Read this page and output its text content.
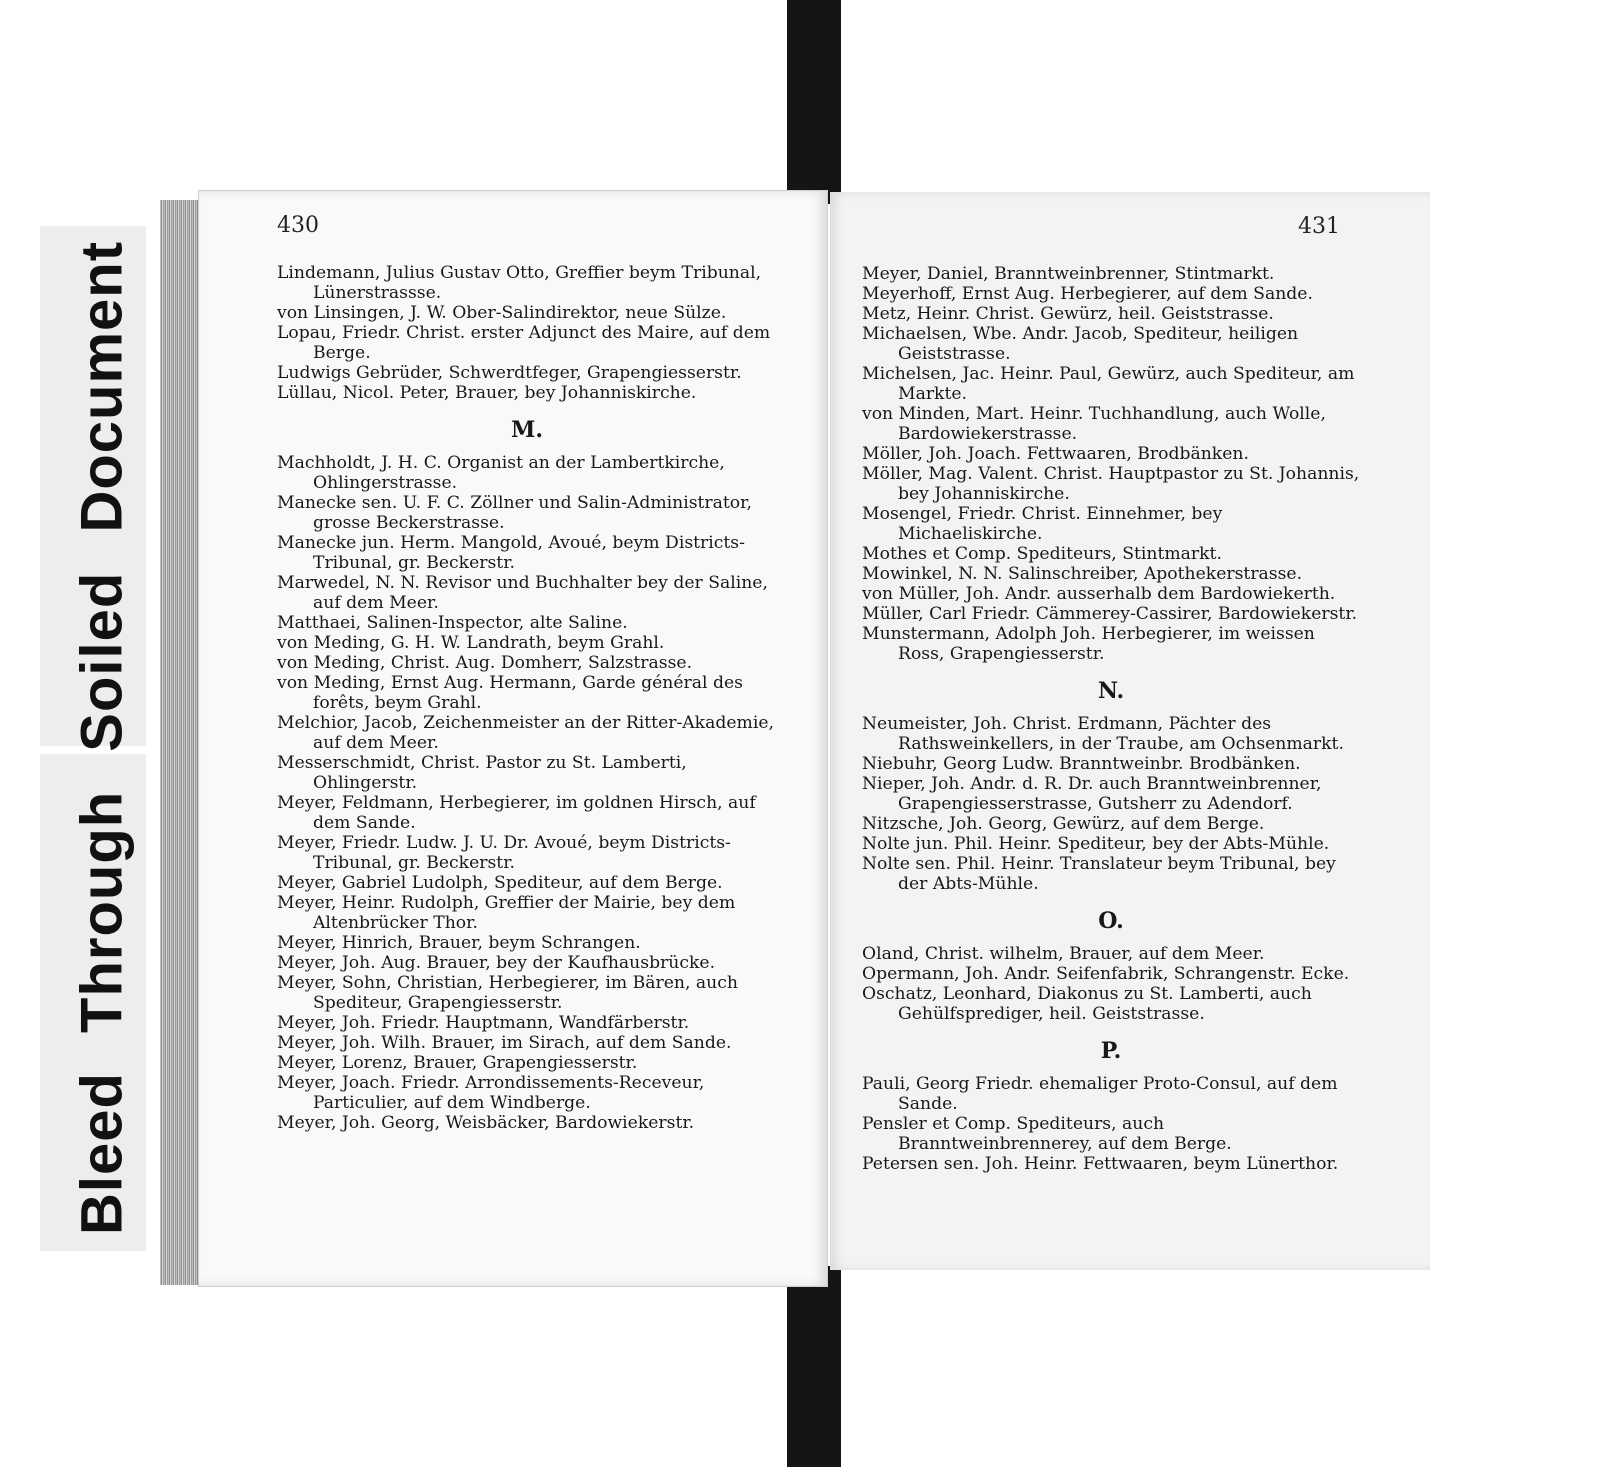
Bleed Through Soiled Document
430

Lindemann, Julius Gustav Otto, Greffier beym Tribunal, Lünerstrassse.

von Linsingen, J. W. Ober-Salindirektor, neue Sülze.

Lopau, Friedr. Christ. erster Adjunct des Maire, auf dem Berge.

Ludwigs Gebrüder, Schwerdtfeger, Grapengiesserstr.

Lüllau, Nicol. Peter, Brauer, bey Johanniskirche.

M.

Machholdt, J. H. C. Organist an der Lambertkirche, Ohlingerstrasse.

Manecke sen. U. F. C. Zöllner und Salin-Administrator, grosse Beckerstrasse.

Manecke jun. Herm. Mangold, Avoué, beym Districts-Tribunal, gr. Beckerstr.

Marwedel, N. N. Revisor und Buchhalter bey der Saline, auf dem Meer.

Matthaei, Salinen-Inspector, alte Saline.

von Meding, G. H. W. Landrath, beym Grahl.

von Meding, Christ. Aug. Domherr, Salzstrasse.

von Meding, Ernst Aug. Hermann, Garde général des forêts, beym Grahl.

Melchior, Jacob, Zeichenmeister an der Ritter-Akademie, auf dem Meer.

Messerschmidt, Christ. Pastor zu St. Lamberti, Ohlingerstr.

Meyer, Feldmann, Herbegierer, im goldnen Hirsch, auf dem Sande.

Meyer, Friedr. Ludw. J. U. Dr. Avoué, beym Districts-Tribunal, gr. Beckerstr.

Meyer, Gabriel Ludolph, Spediteur, auf dem Berge.

Meyer, Heinr. Rudolph, Greffier der Mairie, bey dem Altenbrücker Thor.

Meyer, Hinrich, Brauer, beym Schrangen.

Meyer, Joh. Aug. Brauer, bey der Kaufhausbrücke.

Meyer, Sohn, Christian, Herbegierer, im Bären, auch Spediteur, Grapengiesserstr.

Meyer, Joh. Friedr. Hauptmann, Wandfärberstr.

Meyer, Joh. Wilh. Brauer, im Sirach, auf dem Sande.

Meyer, Lorenz, Brauer, Grapengiesserstr.

Meyer, Joach. Friedr. Arrondissements-Receveur, Particulier, auf dem Windberge.

Meyer, Joh. Georg, Weisbäcker, Bardowiekerstr.

431

Meyer, Daniel, Branntweinbrenner, Stintmarkt.

Meyerhoff, Ernst Aug. Herbegierer, auf dem Sande.

Metz, Heinr. Christ. Gewürz, heil. Geiststrasse.

Michaelsen, Wbe. Andr. Jacob, Spediteur, heiligen Geiststrasse.

Michelsen, Jac. Heinr. Paul, Gewürz, auch Spediteur, am Markte.

von Minden, Mart. Heinr. Tuchhandlung, auch Wolle, Bardowiekerstrasse.

Möller, Joh. Joach. Fettwaaren, Brodbänken.

Möller, Mag. Valent. Christ. Hauptpastor zu St. Johannis, bey Johanniskirche.

Mosengel, Friedr. Christ. Einnehmer, bey Michaeliskirche.

Mothes et Comp. Spediteurs, Stintmarkt.

Mowinkel, N. N. Salinschreiber, Apothekerstrasse.

von Müller, Joh. Andr. ausserhalb dem Bardowiekerth.

Müller, Carl Friedr. Cämmerey-Cassirer, Bardowiekerstr.

Munstermann, Adolph Joh. Herbegierer, im weissen Ross, Grapengiesserstr.

N.

Neumeister, Joh. Christ. Erdmann, Pächter des Rathsweinkellers, in der Traube, am Ochsenmarkt.

Niebuhr, Georg Ludw. Branntweinbr. Brodbänken.

Nieper, Joh. Andr. d. R. Dr. auch Branntweinbrenner, Grapengiesserstrasse, Gutsherr zu Adendorf.

Nitzsche, Joh. Georg, Gewürz, auf dem Berge.

Nolte jun. Phil. Heinr. Spediteur, bey der Abts-Mühle.

Nolte sen. Phil. Heinr. Translateur beym Tribunal, bey der Abts-Mühle.

O.

Oland, Christ. wilhelm, Brauer, auf dem Meer.

Opermann, Joh. Andr. Seifenfabrik, Schrangenstr. Ecke.

Oschatz, Leonhard, Diakonus zu St. Lamberti, auch Gehülfsprediger, heil. Geiststrasse.

P.

Pauli, Georg Friedr. ehemaliger Proto-Consul, auf dem Sande.

Pensler et Comp. Spediteurs, auch Branntweinbrennerey, auf dem Berge.

Petersen sen. Joh. Heinr. Fettwaaren, beym Lünerthor.
